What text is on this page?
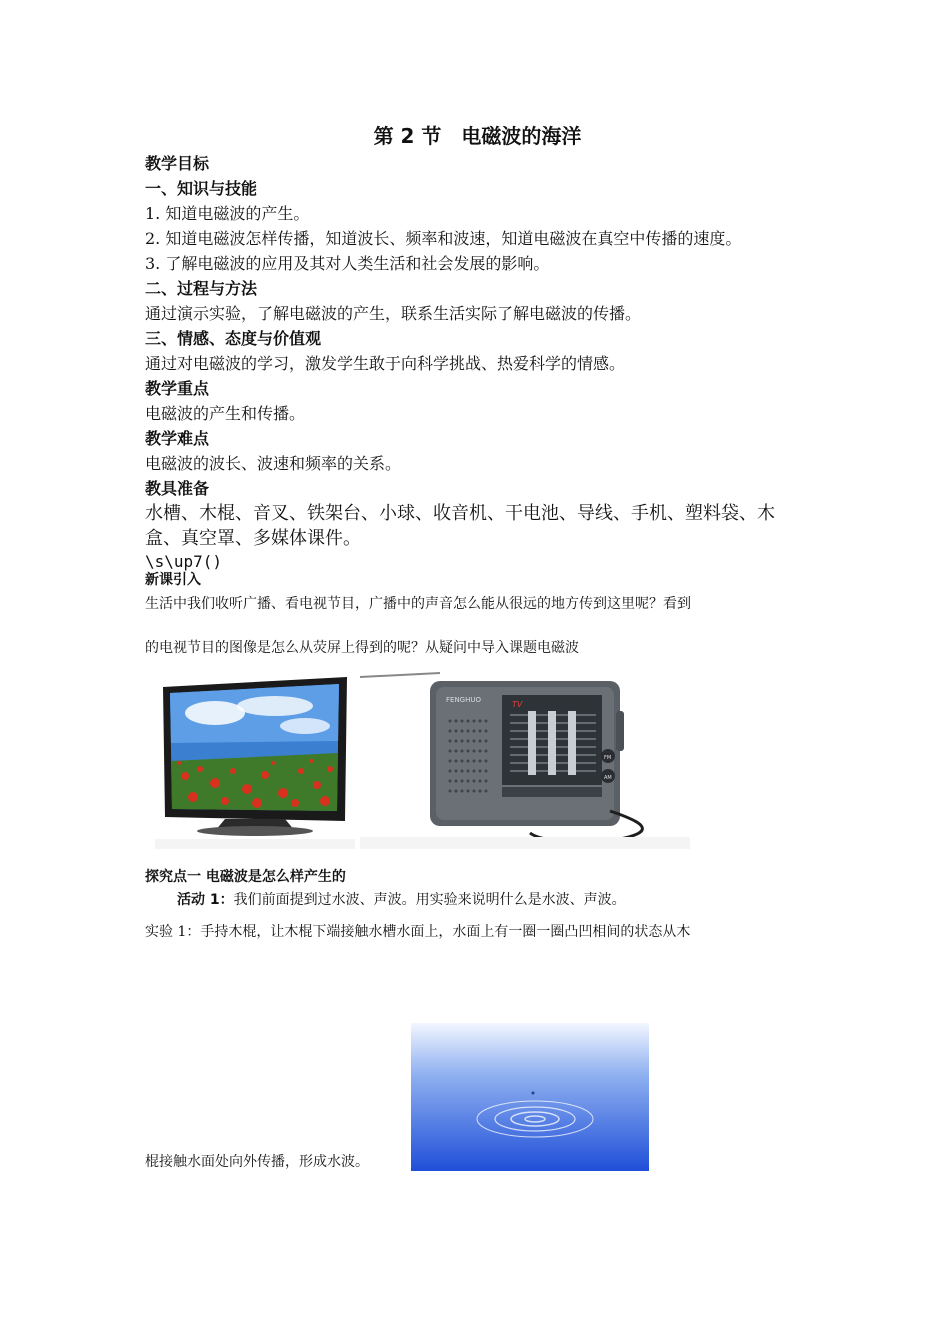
第 2 节　电磁波的海洋

教学目标

一、知识与技能

1. 知道电磁波的产生。

2. 知道电磁波怎样传播，知道波长、频率和波速，知道电磁波在真空中传播的速度。

3. 了解电磁波的应用及其对人类生活和社会发展的影响。

二、过程与方法

通过演示实验，了解电磁波的产生，联系生活实际了解电磁波的传播。

三、情感、态度与价值观

通过对电磁波的学习，激发学生敢于向科学挑战、热爱科学的情感。

教学重点

电磁波的产生和传播。

教学难点

电磁波的波长、波速和频率的关系。

教具准备

水槽、木棍、音叉、铁架台、小球、收音机、干电池、导线、手机、塑料袋、木盒、真空罩、多媒体课件。

\s\up7()

新课引入

生活中我们收听广播、看电视节目，广播中的声音怎么能从很远的地方传到这里呢？看到

的电视节目的图像是怎么从荧屏上得到的呢？从疑问中导入课题电磁波

FENGHUO	TV
FM
AM

探究点一 电磁波是怎么样产生的

活动 1：我们前面提到过水波、声波。用实验来说明什么是水波、声波。

实验 1：手持木棍，让木棍下端接触水槽水面上，水面上有一圈一圈凸凹相间的状态从木

棍接触水面处向外传播，形成水波。
